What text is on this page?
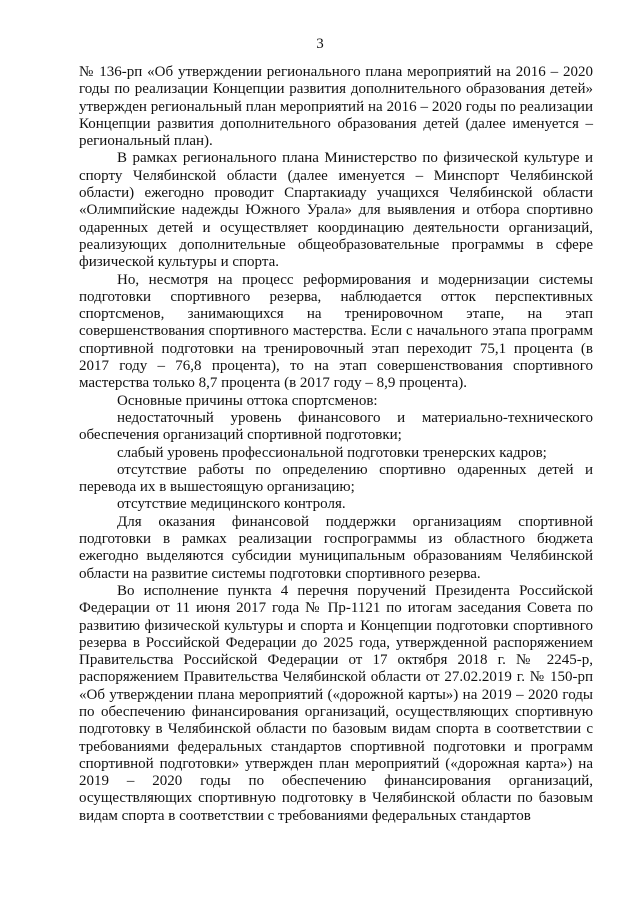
3

№ 136-рп «Об утверждении регионального плана мероприятий на 2016 – 2020 годы по реализации Концепции развития дополнительного образования детей» утвержден региональный план мероприятий на 2016 – 2020 годы по реализации Концепции развития дополнительного образования детей (далее именуется – региональный план).

В рамках регионального плана Министерство по физической культуре и спорту Челябинской области (далее именуется – Минспорт Челябинской области) ежегодно проводит Спартакиаду учащихся Челябинской области «Олимпийские надежды Южного Урала» для выявления и отбора спортивно одаренных детей и осуществляет координацию деятельности организаций, реализующих дополнительные общеобразовательные программы в сфере физической культуры и спорта.

Но, несмотря на процесс реформирования и модернизации системы подготовки спортивного резерва, наблюдается отток перспективных спортсменов, занимающихся на тренировочном этапе, на этап совершенствования спортивного мастерства. Если с начального этапа программ спортивной подготовки на тренировочный этап переходит 75,1 процента (в 2017 году – 76,8 процента), то на этап совершенствования спортивного мастерства только 8,7 процента (в 2017 году – 8,9 процента).

Основные причины оттока спортсменов:

недостаточный уровень финансового и материально-технического обеспечения организаций спортивной подготовки;

слабый уровень профессиональной подготовки тренерских кадров;

отсутствие работы по определению спортивно одаренных детей и перевода их в вышестоящую организацию;

отсутствие медицинского контроля.

Для оказания финансовой поддержки организациям спортивной подготовки в рамках реализации госпрограммы из областного бюджета ежегодно выделяются субсидии муниципальным образованиям Челябинской области на развитие системы подготовки спортивного резерва.

Во исполнение пункта 4 перечня поручений Президента Российской Федерации от 11 июня 2017 года № Пр-1121 по итогам заседания Совета по развитию физической культуры и спорта и Концепции подготовки спортивного резерва в Российской Федерации до 2025 года, утвержденной распоряжением Правительства Российской Федерации от 17 октября 2018 г. № 2245-р, распоряжением Правительства Челябинской области от 27.02.2019 г. № 150-рп «Об утверждении плана мероприятий («дорожной карты») на 2019 – 2020 годы по обеспечению финансирования организаций, осуществляющих спортивную подготовку в Челябинской области по базовым видам спорта в соответствии с требованиями федеральных стандартов спортивной подготовки и программ спортивной подготовки» утвержден план мероприятий («дорожная карта») на 2019 – 2020 годы по обеспечению финансирования организаций, осуществляющих спортивную подготовку в Челябинской области по базовым видам спорта в соответствии с требованиями федеральных стандартов
